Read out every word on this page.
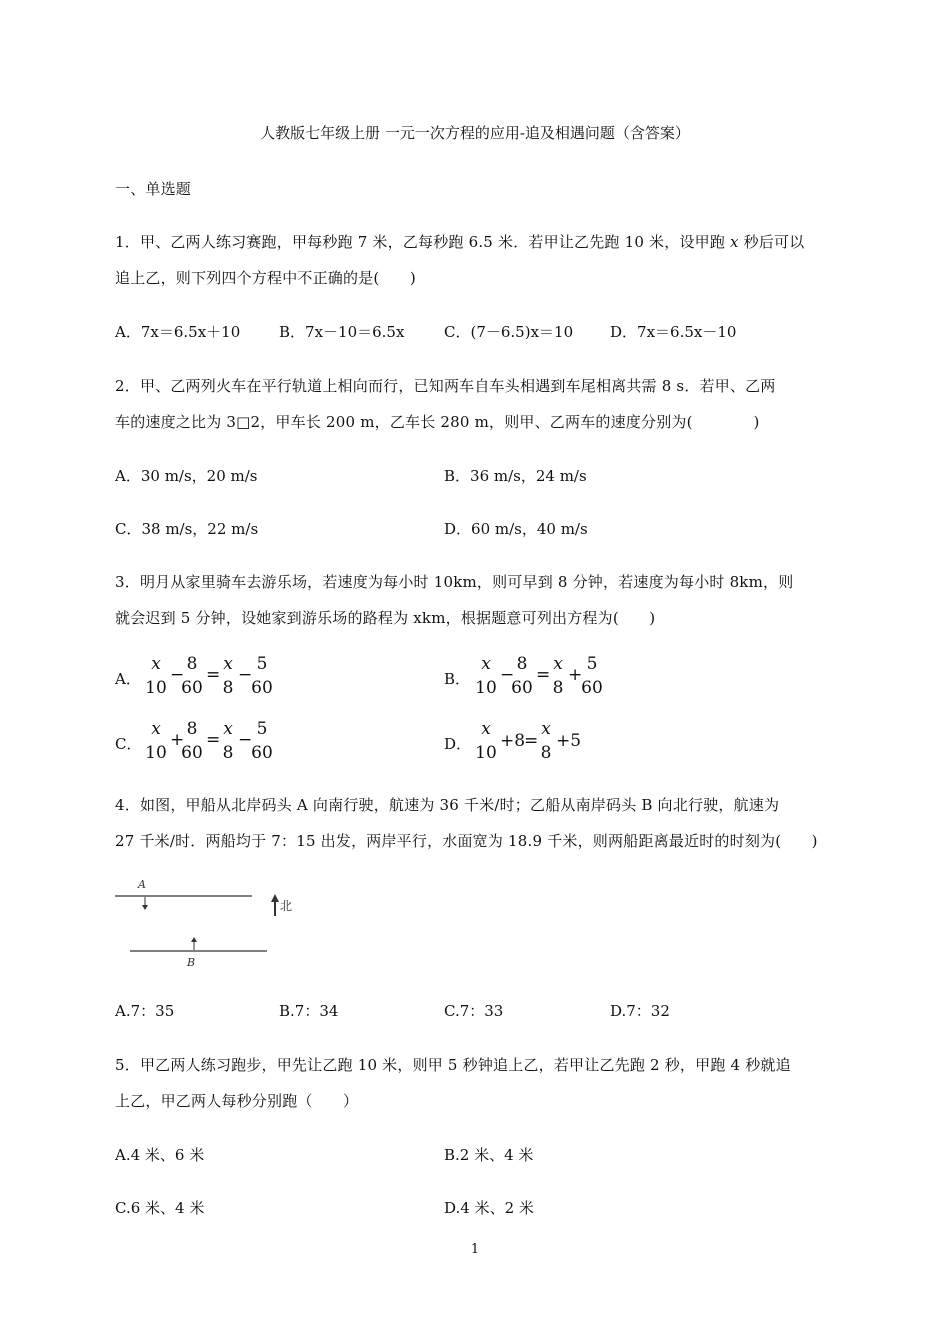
人教版七年级上册 一元一次方程的应用-追及相遇问题（含答案）
一、单选题
1．甲、乙两人练习赛跑，甲每秒跑 7 米，乙每秒跑 6.5 米．若甲让乙先跑 10 米，设甲跑 x 秒后可以
追上乙，则下列四个方程中不正确的是(　　)
A．7x＝6.5x＋10	B．7x－10＝6.5x	C．(7－6.5)x＝10 D．7x＝6.5x－10
2．甲、乙两列火车在平行轨道上相向而行，已知两车自车头相遇到车尾相离共需 8 s．若甲、乙两
车的速度之比为 3□2，甲车长 200 m，乙车长 280 m，则甲、乙两车的速度分别为(　　　　)
A．30 m/s，20 m/s	B．36 m/s，24 m/s
C．38 m/s，22 m/s	D．60 m/s，40 m/s
3．明月从家里骑车去游乐场，若速度为每小时 10km，则可早到 8 分钟，若速度为每小时 8km，则
就会迟到 5 分钟，设她家到游乐场的路程为 xkm，根据题意可列出方程为(　　)
A．
x
10
−
8
60
=
x
8
−
5
60	B．
x
10
−
8
60
=
x
8
+
5
60
C．
x
10
+
8
60
=
x
8
−
5
60	D．
x
10
+8
=
x
8
+5
4．如图，甲船从北岸码头 A 向南行驶，航速为 36 千米/时；乙船从南岸码头 B 向北行驶，航速为
27 千米/时．两船均于 7：15 出发，两岸平行，水面宽为 18.9 千米，则两船距离最近时的时刻为(　　)
A
B
北
A.7：35	B.7：34	C.7：33	D.7：32
5．甲乙两人练习跑步，甲先让乙跑 10 米，则甲 5 秒钟追上乙，若甲让乙先跑 2 秒，甲跑 4 秒就追
上乙，甲乙两人每秒分别跑（　　）
A.4 米、6 米	B.2 米、4 米
C.6 米、4 米	D.4 米、2 米
1
